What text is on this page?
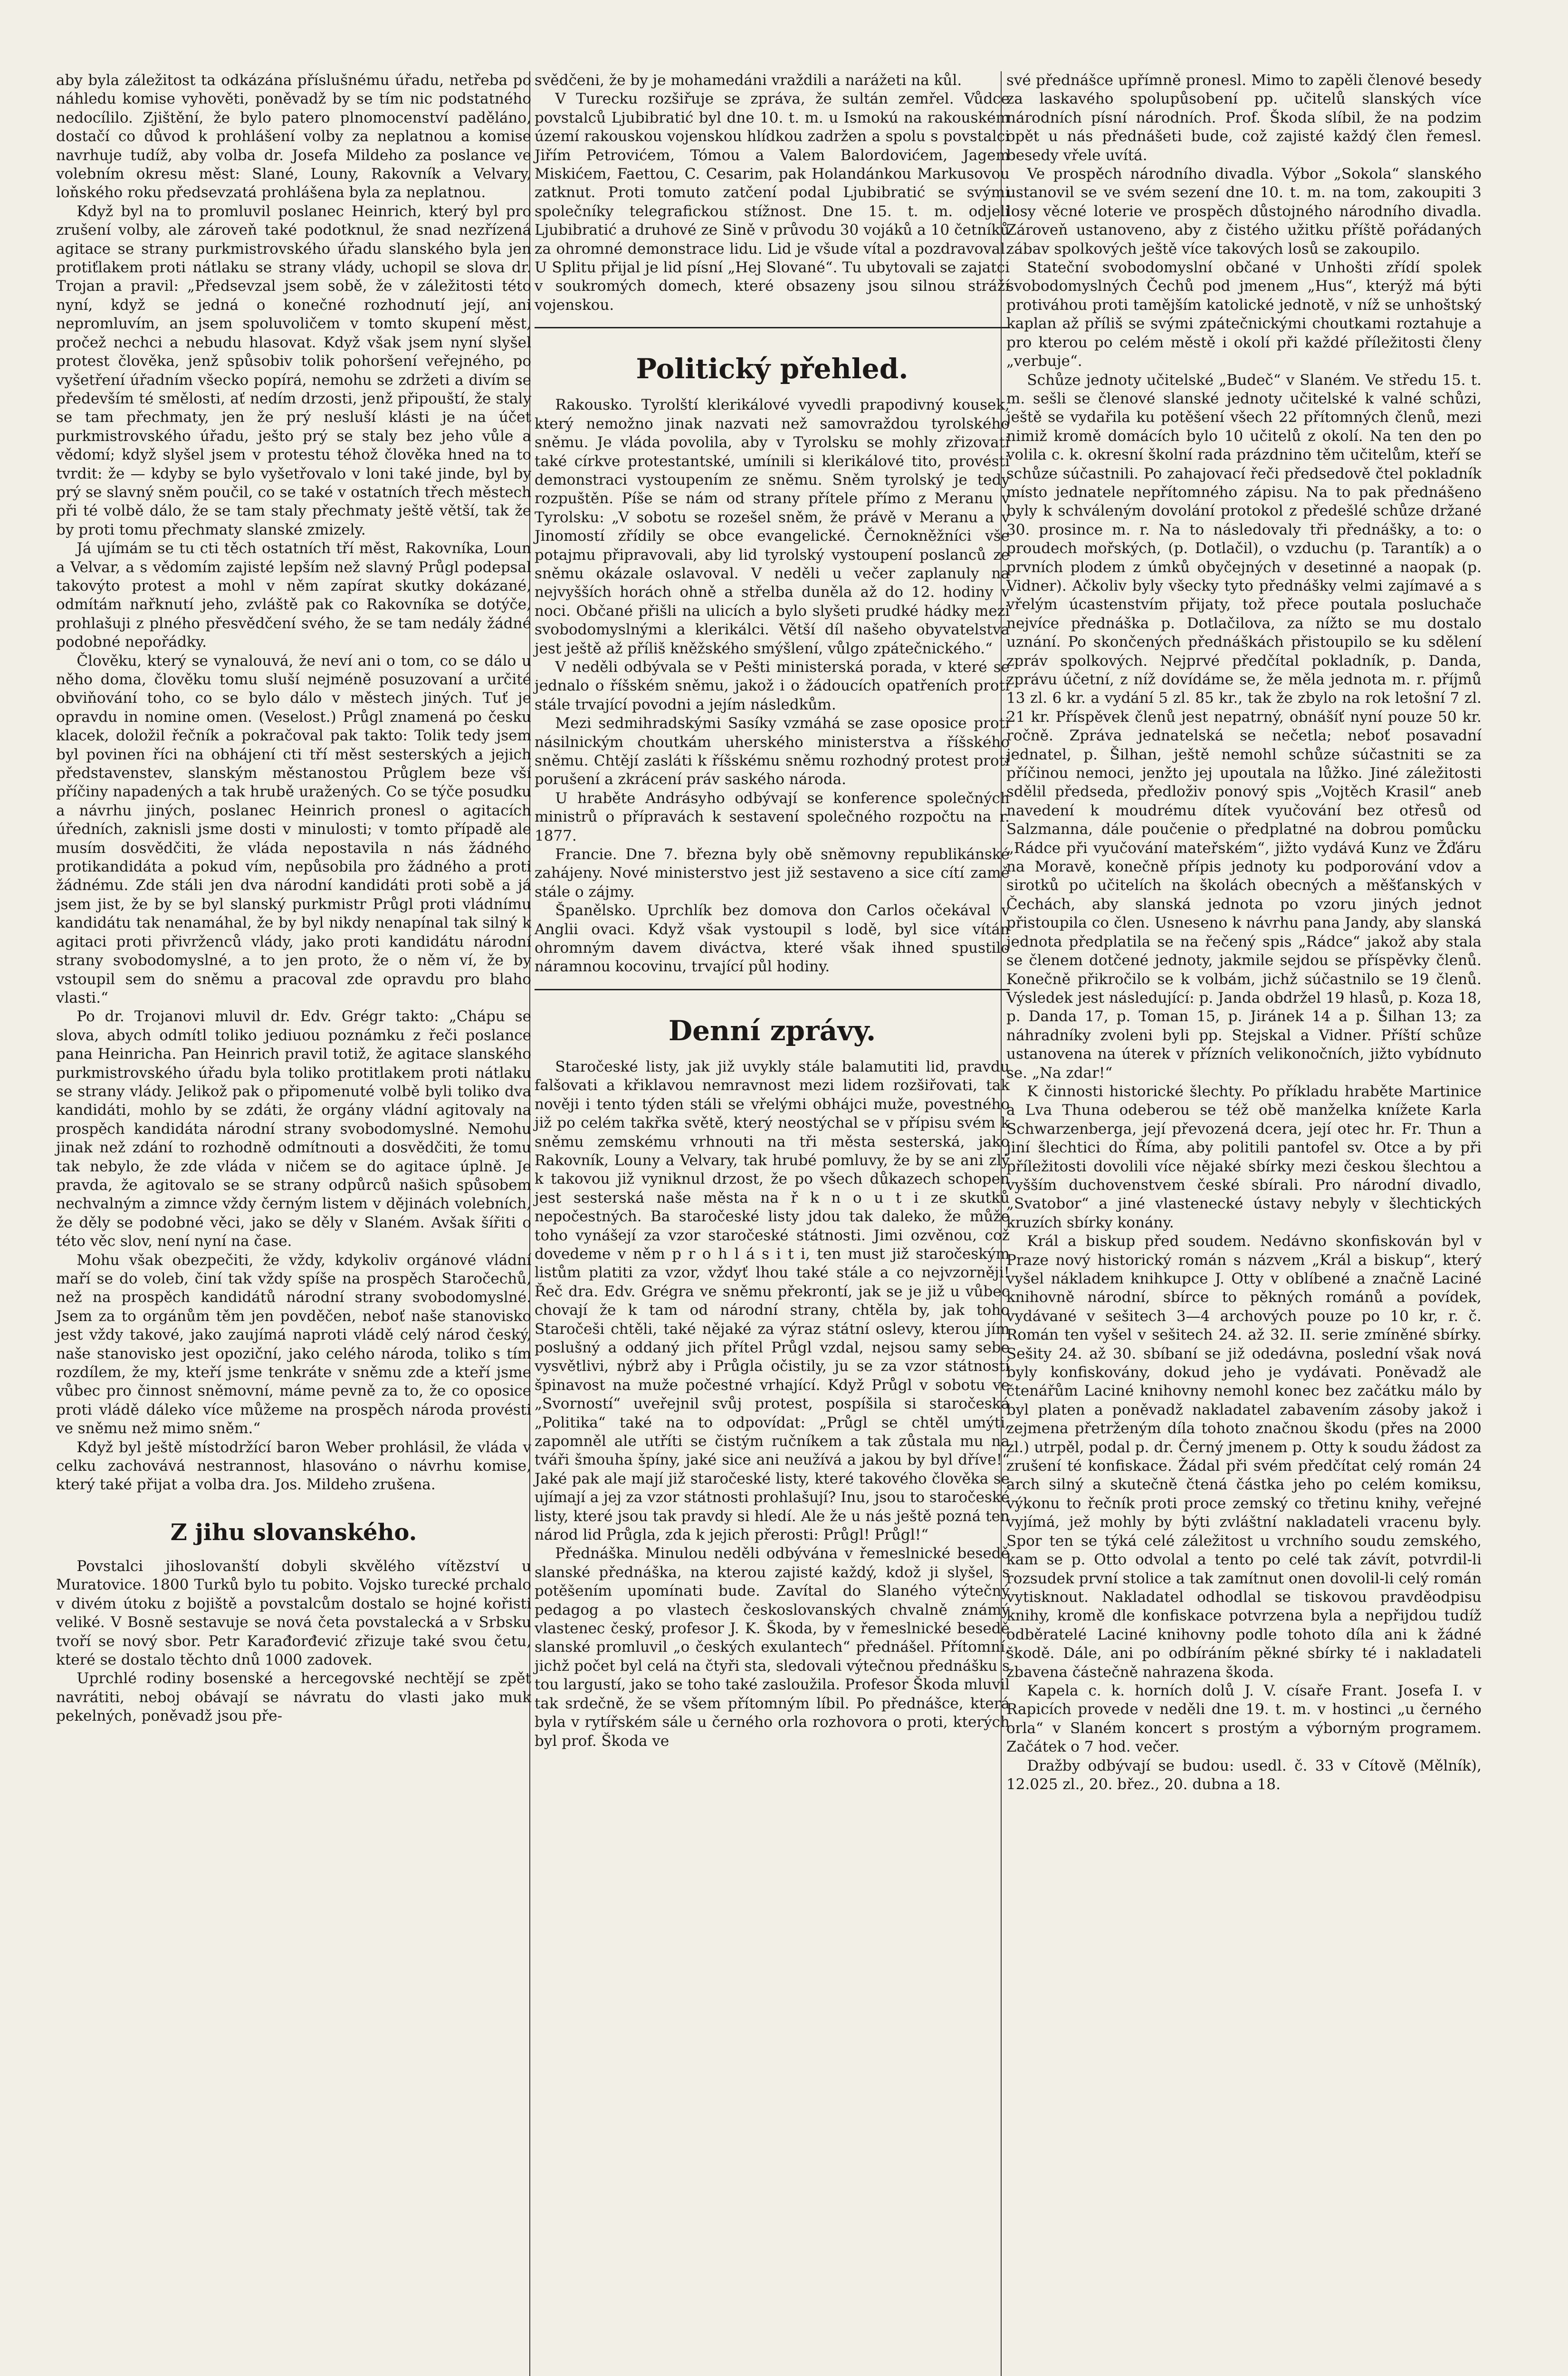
aby byla záležitost ta odkázána příslušnému úřadu, netřeba po náhledu komise vyhověti, poněvadž by se tím nic podstatného nedocílilo. Zjištění, že bylo patero plnomocenství paděláno, dostačí co důvod k prohlášení volby za neplatnou a komise navrhuje tudíž, aby volba dr. Josefa Mildeho za poslance ve volebním okresu měst: Slané, Louny, Rakovník a Velvary, loňského roku předsevzatá prohlášena byla za neplatnou.

Když byl na to promluvil poslanec Heinrich, který byl pro zrušení volby, ale zároveň také podotknul, že snad nezřízená agitace se strany purkmistrovského úřadu slanského byla jen protiťlakem proti nátlaku se strany vlády, uchopil se slova dr. Trojan a pravil: „Předsevzal jsem sobě, že v záležitosti této nyní, když se jedná o konečné rozhodnutí její, ani nepromluvím, an jsem spoluvoličem v tomto skupení měst, pročež nechci a nebudu hlasovat. Když však jsem nyní slyšel protest člověka, jenž spůsobiv tolik pohoršení veřejného, po vyšetření úřadním všecko popírá, nemohu se zdržeti a divím se především té smělosti, ať nedím drzosti, jenž připouští, že staly se tam přechmaty, jen že prý nesluší klásti je na účet purkmistrovského úřadu, ješto prý se staly bez jeho vůle a vědomí; když slyšel jsem v protestu téhož člověka hned na to tvrdit: že — kdyby se bylo vyšetřovalo v loni také jinde, byl by prý se slavný sněm poučil, co se také v ostatních třech městech při té volbě dálo, že se tam staly přechmaty ještě větší, tak že by proti tomu přechmaty slanské zmizely.

Já ujímám se tu cti těch ostatních tří měst, Rakovníka, Loun a Velvar, a s vědomím zajisté lepším než slavný Průgl podepsal takovýto protest a mohl v něm zapírat skutky dokázané, odmítám nařknutí jeho, zvláště pak co Rakovníka se dotýče, prohlašuji z plného přesvědčení svého, že se tam nedály žádné podobné nepořádky.

Člověku, který se vynalouvá, že neví ani o tom, co se dálo u něho doma, člověku tomu sluší nejméně posuzovaní a určité obviňování toho, co se bylo dálo v městech jiných. Tuť je opravdu in nomine omen. (Veselost.) Průgl znamená po česku klacek, doložil řečník a pokračoval pak takto: Tolik tedy jsem byl povinen říci na obhájení cti tří měst sesterských a jejich představenstev, slanským městanostou Průglem beze vší příčiny napadených a tak hrubě uražených. Co se týče posudku a návrhu jiných, poslanec Heinrich pronesl o agitacích úředních, zaknisli jsme dosti v minulosti; v tomto případě ale musím dosvědčiti, že vláda nepostavila n nás žádného protikandidáta a pokud vím, nepůsobila pro žádného a proti žádnému. Zde stáli jen dva národní kandidáti proti sobě a já jsem jist, že by se byl slanský purkmistr Průgl proti vládnímu kandidátu tak nenamáhal, že by byl nikdy nenapínal tak silný k agitaci proti přivrženců vlády, jako proti kandidátu národní strany svobodomyslné, a to jen proto, že o něm ví, že by vstoupil sem do sněmu a pracoval zde opravdu pro blaho vlasti.“

Po dr. Trojanovi mluvil dr. Edv. Grégr takto: „Chápu se slova, abych odmítl toliko jediuou poznámku z řeči poslance pana Heinricha. Pan Heinrich pravil totiž, že agitace slanského purkmistrovského úřadu byla toliko protitlakem proti nátlaku se strany vlády. Jelikož pak o připomenuté volbě byli toliko dva kandidáti, mohlo by se zdáti, že orgány vládní agitovaly na prospěch kandidáta národní strany svobodomyslné. Nemohu jinak než zdání to rozhodně odmítnouti a dosvědčiti, že tomu tak nebylo, že zde vláda v ničem se do agitace úplně. Je pravda, že agitovalo se se strany odpůrců našich spůsobem nechvalným a zimnce vždy černým listem v dějinách volebních, že děly se podobné věci, jako se děly v Slaném. Avšak šířiti o této věc slov, není nyní na čase.

Mohu však obezpečiti, že vždy, kdykoliv orgánové vládní maří se do voleb, činí tak vždy spíše na prospěch Staročechů, než na prospěch kandidátů národní strany svobodomyslné. Jsem za to orgánům těm jen povděčen, neboť naše stanovisko jest vždy takové, jako zaujímá naproti vládě celý národ český, naše stanovisko jest opoziční, jako celého národa, toliko s tím rozdílem, že my, kteří jsme tenkráte v sněmu zde a kteří jsme vůbec pro činnost sněmovní, máme pevně za to, že co oposice proti vládě dáleko více můžeme na prospěch národa provésti ve sněmu než mimo sněm.“

Když byl ještě místodržící baron Weber prohlásil, že vláda v celku zachovává nestrannost, hlasováno o návrhu komise, který také přijat a volba dra. Jos. Mildeho zrušena.

Z jihu slovanského.

Povstalci jihoslovanští dobyli skvělého vítězství u Muratovice. 1800 Turků bylo tu pobito. Vojsko turecké prchalo v divém útoku z bojiště a povstalcům dostalo se hojné kořisti veliké. V Bosně sestavuje se nová četa povstalecká a v Srbsku tvoří se nový sbor. Petr Karađorđević zřizuje také svou četu, které se dostalo těchto dnů 1000 zadovek.

Uprchlé rodiny bosenské a hercegovské nechtějí se zpět navrátiti, neboj obávají se návratu do vlasti jako muk pekelných, poněvadž jsou pře-

svědčeni, že by je mohamedáni vraždili a narážeti na kůl.

V Turecku rozšiřuje se zpráva, že sultán zemřel. Vůdce povstalců Ljubibratić byl dne 10. t. m. u Ismokú na rakouském území rakouskou vojenskou hlídkou zadržen a spolu s povstalci Jiřím Petrovićem, Tómou a Valem Balordovićem, Jagem Miskićem, Faettou, C. Cesarim, pak Holandánkou Markusovou zatknut. Proti tomuto zatčení podal Ljubibratić se svými společníky telegrafickou stížnost. Dne 15. t. m. odjeli Ljubibratić a druhové ze Sině v průvodu 30 vojáků a 10 četníků za ohromné demonstrace lidu. Lid je všude vítal a pozdravoval. U Splitu přijal je lid písní „Hej Slované“. Tu ubytovali se zajatci v soukromých domech, které obsazeny jsou silnou stráží vojenskou.

Politický přehled.

Rakousko. Tyrolští klerikálové vyvedli prapodivný kousek, který nemožno jinak nazvati než samovraždou tyrolského sněmu. Je vláda povolila, aby v Tyrolsku se mohly zřizovati také církve protestantské, umínili si klerikálové tito, provésti demonstraci vystoupením ze sněmu. Sněm tyrolský je tedy rozpuštěn. Píše se nám od strany přítele přímo z Meranu v Tyrolsku: „V sobotu se rozešel sněm, že právě v Meranu a v Jinomostí zřídily se obce evangelické. Černokněžníci vše potajmu připravovali, aby lid tyrolský vystoupení poslanců ze sněmu okázale oslavoval. V neděli u večer zaplanuly na nejvyšších horách ohně a střelba duněla až do 12. hodiny v noci. Občané přišli na ulicích a bylo slyšeti prudké hádky mezi svobodomyslnými a klerikálci. Větší díl našeho obyvatelstva jest ještě až příliš kněžského smýšlení, vůlgo zpátečnického.“

V neděli odbývala se v Pešti ministerská porada, v které se jednalo o říšském sněmu, jakož i o žádoucích opatřeních proti stále trvající povodni a jejím následkům.

Mezi sedmihradskými Sasíky vzmáhá se zase oposice proti násilnickým choutkám uherského ministerstva a říšského sněmu. Chtějí zasláti k říšskému sněmu rozhodný protest proti porušení a zkrácení práv saského národa.

U hraběte Andrásyho odbývají se konference společných ministrů o přípravách k sestavení společného rozpočtu na r. 1877.

Francie. Dne 7. března byly obě sněmovny republikánské zahájeny. Nové ministerstvo jest již sestaveno a sice cítí zamě stále o zájmy.

Španělsko. Uprchlík bez domova don Carlos očekával v Anglii ovaci. Když však vystoupil s lodě, byl sice vítán ohromným davem diváctva, které však ihned spustilo náramnou kocovinu, trvající půl hodiny.

Denní zprávy.

Staročeské listy, jak již uvykly stále balamutiti lid, pravdu falšovati a křiklavou nemravnost mezi lidem rozšiřovati, tak nověji i tento týden stáli se vřelými obhájci muže, povestného již po celém takřka světě, který neostýchal se v přípisu svém k sněmu zemskému vrhnouti na tři města sesterská, jako Rakovník, Louny a Velvary, tak hrubé pomluvy, že by se ani zlý k takovou již vyniknul drzost, že po všech důkazech schopen jest sesterská naše města na ř k n o u t i ze skutků nepočestných. Ba staročeské listy jdou tak daleko, že může toho vynášejí za vzor staročeské státnosti. Jimi ozvěnou, což dovedeme v něm p r o h l á s i t i, ten must již staročeským listům platiti za vzor, vždyť lhou také stále a co nejvzorněji! Řeč dra. Edv. Grégra ve sněmu překrontí, jak se je již u vůbec chovají že k tam od národní strany, chtěla by, jak toho Staročeši chtěli, také nějaké za výraz státní oslevy, kterou jím poslušný a oddaný jich přítel Průgl vzdal, nejsou samy sebe vysvětlivi, nýbrž aby i Průgla očistily, ju se za vzor státností špinavost na muže počestné vrhající. Když Průgl v sobotu ve „Svorností“ uveřejnil svůj protest, pospíšila si staročeská „Politika“ také na to odpovídat: „Průgl se chtěl umýti, zapomněl ale utříti se čistým ručníkem a tak zůstala mu na tváři šmouha špíny, jaké sice ani neužívá a jakou by byl dříve!“ Jaké pak ale mají již staročeské listy, které takového člověka se ujímají a jej za vzor státnosti prohlašují? Inu, jsou to staročeské listy, které jsou tak pravdy si hledí. Ale že u nás ještě pozná ten národ lid Průgla, zda k jejich přerosti: Průgl! Průgl!“

Přednáška. Minulou neděli odbývána v řemeslnické besedě slanské přednáška, na kterou zajisté každý, kdož ji slyšel, s potěšením upomínati bude. Zavítal do Slaného výtečný pedagog a po vlastech českoslovanských chvalně známý vlastenec český, profesor J. K. Škoda, by v řemeslnické besedě slanské promluvil „o českých exulantech“ přednášel. Přítomní, jichž počet byl celá na čtyři sta, sledovali výtečnou přednášku s tou largustí, jako se toho také zasloužila. Profesor Škoda mluvil tak srdečně, že se všem přítomným líbil. Po přednášce, která byla v rytířském sále u černého orla rozhovora o proti, kterých byl prof. Škoda ve

své přednášce upřímně pronesl. Mimo to zapěli členové besedy za laskavého spolupůsobení pp. učitelů slanských více národních písní národních. Prof. Škoda slíbil, že na podzim opět u nás přednášeti bude, což zajisté každý člen řemesl. besedy vřele uvítá.

Ve prospěch národního divadla. Výbor „Sokola“ slanského ustanovil se ve svém sezení dne 10. t. m. na tom, zakoupiti 3 losy věcné loterie ve prospěch důstojného národního divadla. Zároveň ustanoveno, aby z čistého užitku příště pořádaných zábav spolkových ještě více takových losů se zakoupilo.

Stateční svobodomyslní občané v Unhošti zřídí spolek svobodomyslných Čechů pod jmenem „Hus“, kterýž má býti protiváhou proti tamějším katolické jednotě, v níž se unhoštský kaplan až příliš se svými zpátečnickými choutkami roztahuje a pro kterou po celém městě i okolí při každé příležitosti členy „verbuje“.

Schůze jednoty učitelské „Budeč“ v Slaném. Ve středu 15. t. m. sešli se členové slanské jednoty učitelské k valné schůzi, ještě se vydařila ku potěšení všech 22 přítomných členů, mezi nimiž kromě domácích bylo 10 učitelů z okolí. Na ten den po volila c. k. okresní školní rada prázdnino těm učitelům, kteří se schůze súčastnili. Po zahajovací řeči předsedově čtel pokladník místo jednatele nepřítomného zápisu. Na to pak přednášeno byly k schváleným dovolání protokol z předešlé schůze držané 30. prosince m. r. Na to následovaly tři přednášky, a to: o proudech mořských, (p. Dotlačil), o vzduchu (p. Tarantík) a o prvních plodem z úmků obyčejných v desetinné a naopak (p. Vidner). Ačkoliv byly všecky tyto přednášky velmi zajímavé a s vřelým úcastenstvím přijaty, tož přece poutala posluchače nejvíce přednáška p. Dotlačilova, za nížto se mu dostalo uznání. Po skončených přednáškách přistoupilo se ku sdělení zpráv spolkových. Nejprvé předčítal pokladník, p. Danda, zprávu účetní, z níž dovídáme se, že měla jednota m. r. příjmů 13 zl. 6 kr. a vydání 5 zl. 85 kr., tak že zbylo na rok letošní 7 zl. 21 kr. Příspěvek členů jest nepatrný, obnášíť nyní pouze 50 kr. ročně. Zpráva jednatelská se nečetla; neboť posavadní jednatel, p. Šilhan, ještě nemohl schůze súčastniti se za příčinou nemoci, jenžto jej upoutala na lůžko. Jiné záležitosti sdělil předseda, předloživ ponový spis „Vojtěch Krasil“ aneb navedení k moudrému dítek vyučování bez otřesů od Salzmanna, dále poučenie o předplatné na dobrou pomůcku „Rádce při vyučování mateřském“, jižto vydává Kunz ve Žďáru na Moravě, konečně přípis jednoty ku podporování vdov a sirotků po učitelích na školách obecných a měšťanských v Čechách, aby slanská jednota po vzoru jiných jednot přistoupila co člen. Usneseno k návrhu pana Jandy, aby slanská jednota předplatila se na řečený spis „Rádce“ jakož aby stala se členem dotčené jednoty, jakmile sejdou se příspěvky členů. Konečně přikročilo se k volbám, jichž súčastnilo se 19 členů. Výsledek jest následující: p. Janda obdržel 19 hlasů, p. Koza 18, p. Danda 17, p. Toman 15, p. Jiránek 14 a p. Šilhan 13; za náhradníky zvoleni byli pp. Stejskal a Vidner. Příští schůze ustanovena na úterek v přízních velikonočních, jižto vybídnuto se. „Na zdar!“

K činnosti historické šlechty. Po příkladu hraběte Martinice a Lva Thuna odeberou se též obě manželka knížete Karla Schwarzenberga, její převozená dcera, její otec hr. Fr. Thun a jiní šlechtici do Říma, aby politili pantofel sv. Otce a by při příležitosti dovolili více nějaké sbírky mezi českou šlechtou a vyšším duchovenstvem české sbírali. Pro národní divadlo, „Svatobor“ a jiné vlastenecké ústavy nebyly v šlechtických kruzích sbírky konány.

Král a biskup před soudem. Nedávno skonfiskován byl v Praze nový historický román s názvem „Král a biskup“, který vyšel nákladem knihkupce J. Otty v oblíbené a značně Laciné knihovně národní, sbírce to pěkných románů a povídek, vydávané v sešitech 3—4 archových pouze po 10 kr, r. č. Román ten vyšel v sešitech 24. až 32. II. serie zmíněné sbírky. Sešity 24. až 30. sbíbaní se již odedávna, poslední však nová byly konfiskovány, dokud jeho je vydávati. Poněvadž ale čtenářům Laciné knihovny nemohl konec bez začátku málo by byl platen a poněvadž nakladatel zabavením zásoby jakož i zejmena přetrženým díla tohoto značnou škodu (přes na 2000 zl.) utrpěl, podal p. dr. Černý jmenem p. Otty k soudu žádost za zrušení té konfiskace. Žádal při svém předčítat celý román 24 arch silný a skutečně čtená částka jeho po celém komiksu, výkonu to řečník proti proce zemský co třetinu knihy, veřejné vyjímá, jež mohly by býti zvláštní nakladateli vracenu byly. Spor ten se týká celé záležitost u vrchního soudu zemského, kam se p. Otto odvolal a tento po celé tak závít, potvrdil-li rozsudek první stolice a tak zamítnut onen dovolil-li celý román vytisknout. Nakladatel odhodlal se tiskovou pravděodpisu knihy, kromě dle konfiskace potvrzena byla a nepřijdou tudíž odběratelé Laciné knihovny podle tohoto díla ani k žádné škodě. Dále, ani po odbíráním pěkné sbírky té i nakladateli zbavena částečně nahrazena škoda.

Kapela c. k. horních dolů J. V. císaře Frant. Josefa I. v Rapicích provede v neděli dne 19. t. m. v hostinci „u černého orla“ v Slaném koncert s prostým a výborným programem. Začátek o 7 hod. večer.

Dražby odbývají se budou: usedl. č. 33 v Cítově (Mělník), 12.025 zl., 20. břez., 20. dubna a 18.
